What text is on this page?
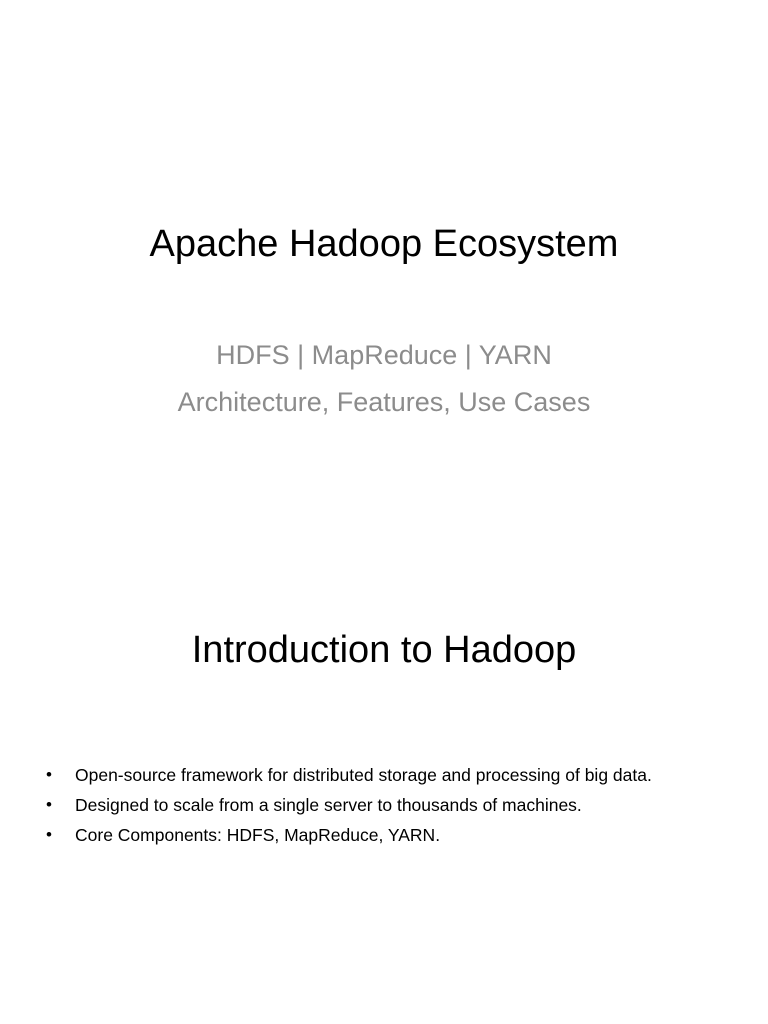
Apache Hadoop Ecosystem
HDFS | MapReduce | YARN
Architecture, Features, Use Cases
Introduction to Hadoop
• Open-source framework for distributed storage and processing of big data.
• Designed to scale from a single server to thousands of machines.
• Core Components: HDFS, MapReduce, YARN.
